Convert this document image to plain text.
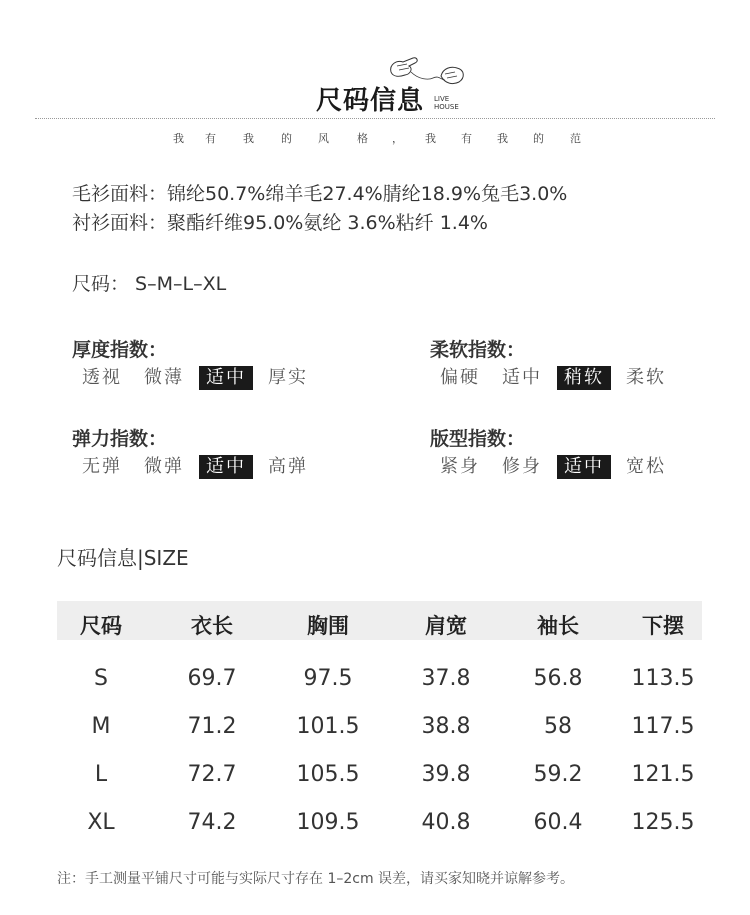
尺码信息 LIVE
HOUSE
我 有 我 的 风	格 ， 我 有 我 的 范
毛衫面料：锦纶50.7%绵羊毛27.4%腈纶18.9%兔毛3.0%
衬衫面料：聚酯纤维95.0%氨纶 3.6%粘纤 1.4%
尺码： S–M–L–XL
厚度指数：
透视	微薄	适中	厚实
柔软指数：
偏硬	适中	稍软	柔软
弹力指数：
无弹	微弹	适中	高弹
版型指数：
紧身	修身	适中	宽松
尺码信息|SIZE
尺码	衣长	胸围	肩宽	袖长	下摆
S	69.7	97.5	37.8	56.8	113.5
M	71.2	101.5	38.8	58	117.5
L	72.7	105.5	39.8	59.2	121.5
XL	74.2	109.5	40.8	60.4	125.5
注：手工测量平铺尺寸可能与实际尺寸存在 1–2cm 误差，请买家知晓并谅解参考。
